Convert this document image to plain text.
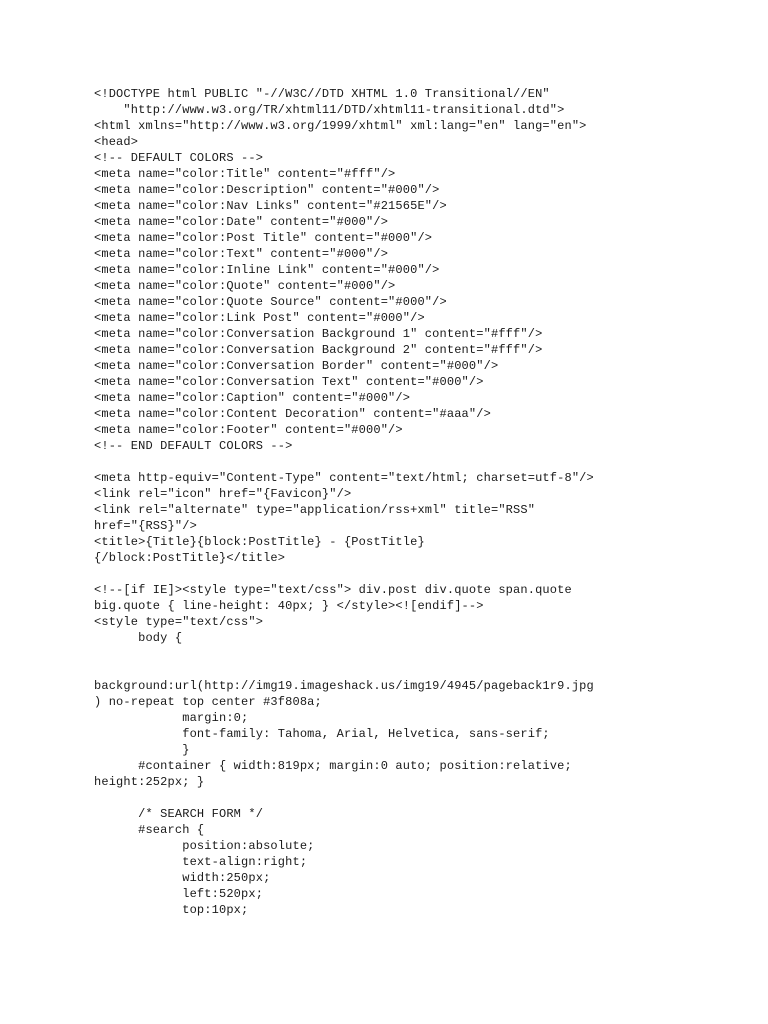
<!DOCTYPE html PUBLIC "-//W3C//DTD XHTML 1.0 Transitional//EN"
"http://www.w3.org/TR/xhtml11/DTD/xhtml11-transitional.dtd">
<html xmlns="http://www.w3.org/1999/xhtml" xml:lang="en" lang="en">
<head>
<!-- DEFAULT COLORS -->
<meta name="color:Title" content="#fff"/>
<meta name="color:Description" content="#000"/>
<meta name="color:Nav Links" content="#21565E"/>
<meta name="color:Date" content="#000"/>
<meta name="color:Post Title" content="#000"/>
<meta name="color:Text" content="#000"/>
<meta name="color:Inline Link" content="#000"/>
<meta name="color:Quote" content="#000"/>
<meta name="color:Quote Source" content="#000"/>
<meta name="color:Link Post" content="#000"/>
<meta name="color:Conversation Background 1" content="#fff"/>
<meta name="color:Conversation Background 2" content="#fff"/>
<meta name="color:Conversation Border" content="#000"/>
<meta name="color:Conversation Text" content="#000"/>
<meta name="color:Caption" content="#000"/>
<meta name="color:Content Decoration" content="#aaa"/>
<meta name="color:Footer" content="#000"/>
<!-- END DEFAULT COLORS -->
<meta http-equiv="Content-Type" content="text/html; charset=utf-8"/>
<link rel="icon" href="{Favicon}"/>
<link rel="alternate" type="application/rss+xml" title="RSS"
href="{RSS}"/>
<title>{Title}{block:PostTitle} - {PostTitle}
{/block:PostTitle}</title>
<!--[if IE]><style type="text/css"> div.post div.quote span.quote
big.quote { line-height: 40px; } </style><![endif]-->
<style type="text/css">
body {
background:url(http://img19.imageshack.us/img19/4945/pageback1r9.jpg
) no-repeat top center #3f808a;
margin:0;
font-family: Tahoma, Arial, Helvetica, sans-serif;
}
#container { width:819px; margin:0 auto; position:relative;
height:252px; }
/* SEARCH FORM */
#search {
position:absolute;
text-align:right;
width:250px;
left:520px;
top:10px;
